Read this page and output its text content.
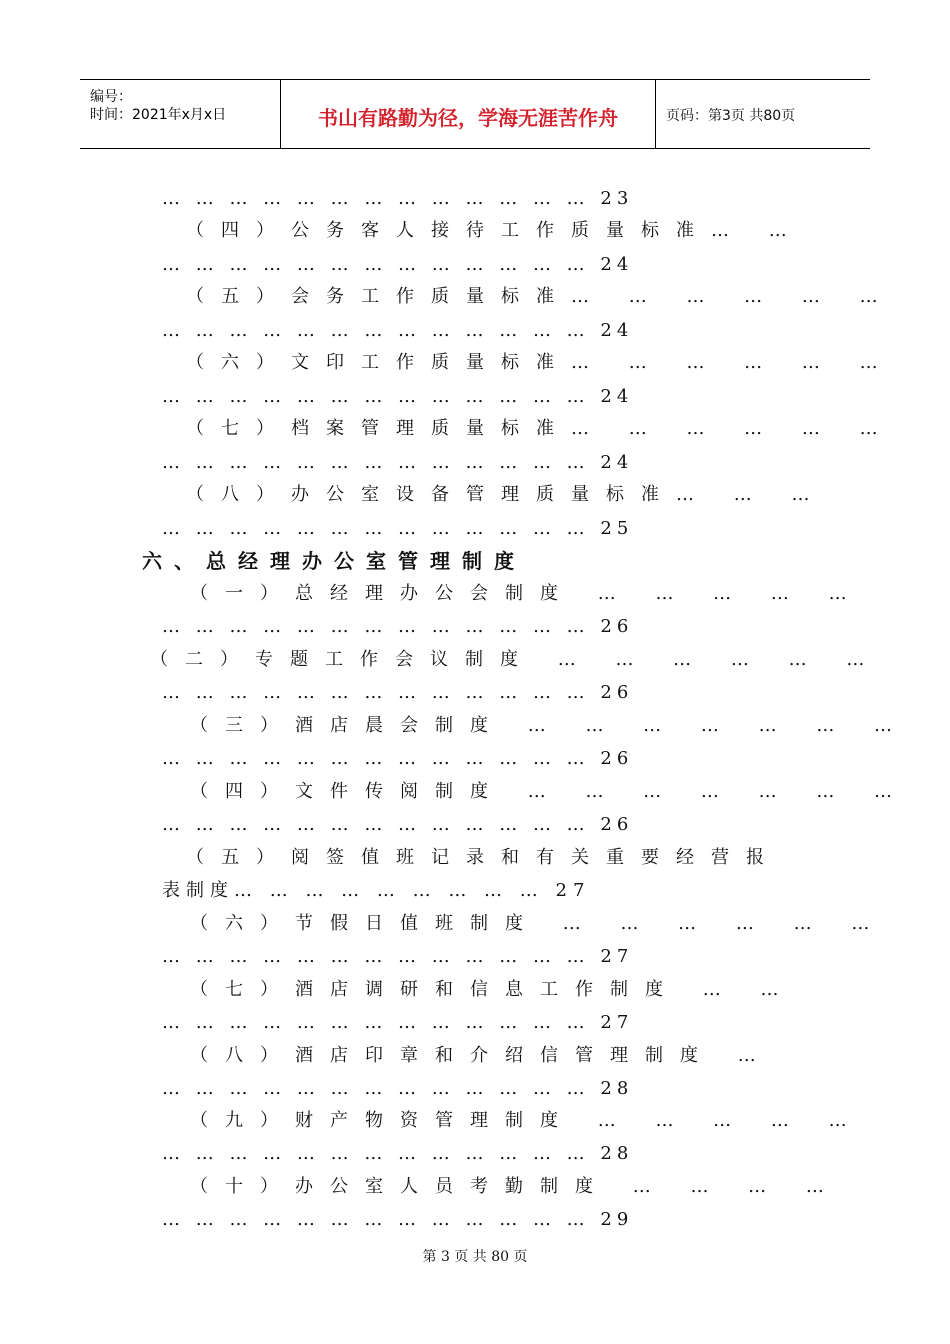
编号：
时间：2021年x月x日	书山有路勤为径，学海无涯苦作舟	页码：第3页 共80页
… … … … … … … … … … … … … 23
（四）公务客人接待工作质量标准… …
… … … … … … … … … … … … … 24
（五）会务工作质量标准… … … … … …
… … … … … … … … … … … … … 24
（六）文印工作质量标准… … … … … …
… … … … … … … … … … … … … 24
（七）档案管理质量标准… … … … … …
… … … … … … … … … … … … … 24
（八）办公室设备管理质量标准… … …
… … … … … … … … … … … … … 25
六、总经理办公室管理制度
（一）总经理办公会制度 … … … … …
… … … … … … … … … … … … … 26
（二）专题工作会议制度 … … … … … …
… … … … … … … … … … … … … 26
（三）酒店晨会制度 … … … … … … …
… … … … … … … … … … … … … 26
（四）文件传阅制度 … … … … … … …
… … … … … … … … … … … … … 26
（五）阅签值班记录和有关重要经营报
表制度… … … … … … … … … 27
（六）节假日值班制度 … … … … … …
… … … … … … … … … … … … … 27
（七）酒店调研和信息工作制度 … …
… … … … … … … … … … … … … 27
（八）酒店印章和介绍信管理制度 …
… … … … … … … … … … … … … 28
（九）财产物资管理制度 … … … … …
… … … … … … … … … … … … … 28
（十）办公室人员考勤制度 … … … …
… … … … … … … … … … … … … 29
第 3 页 共 80 页
